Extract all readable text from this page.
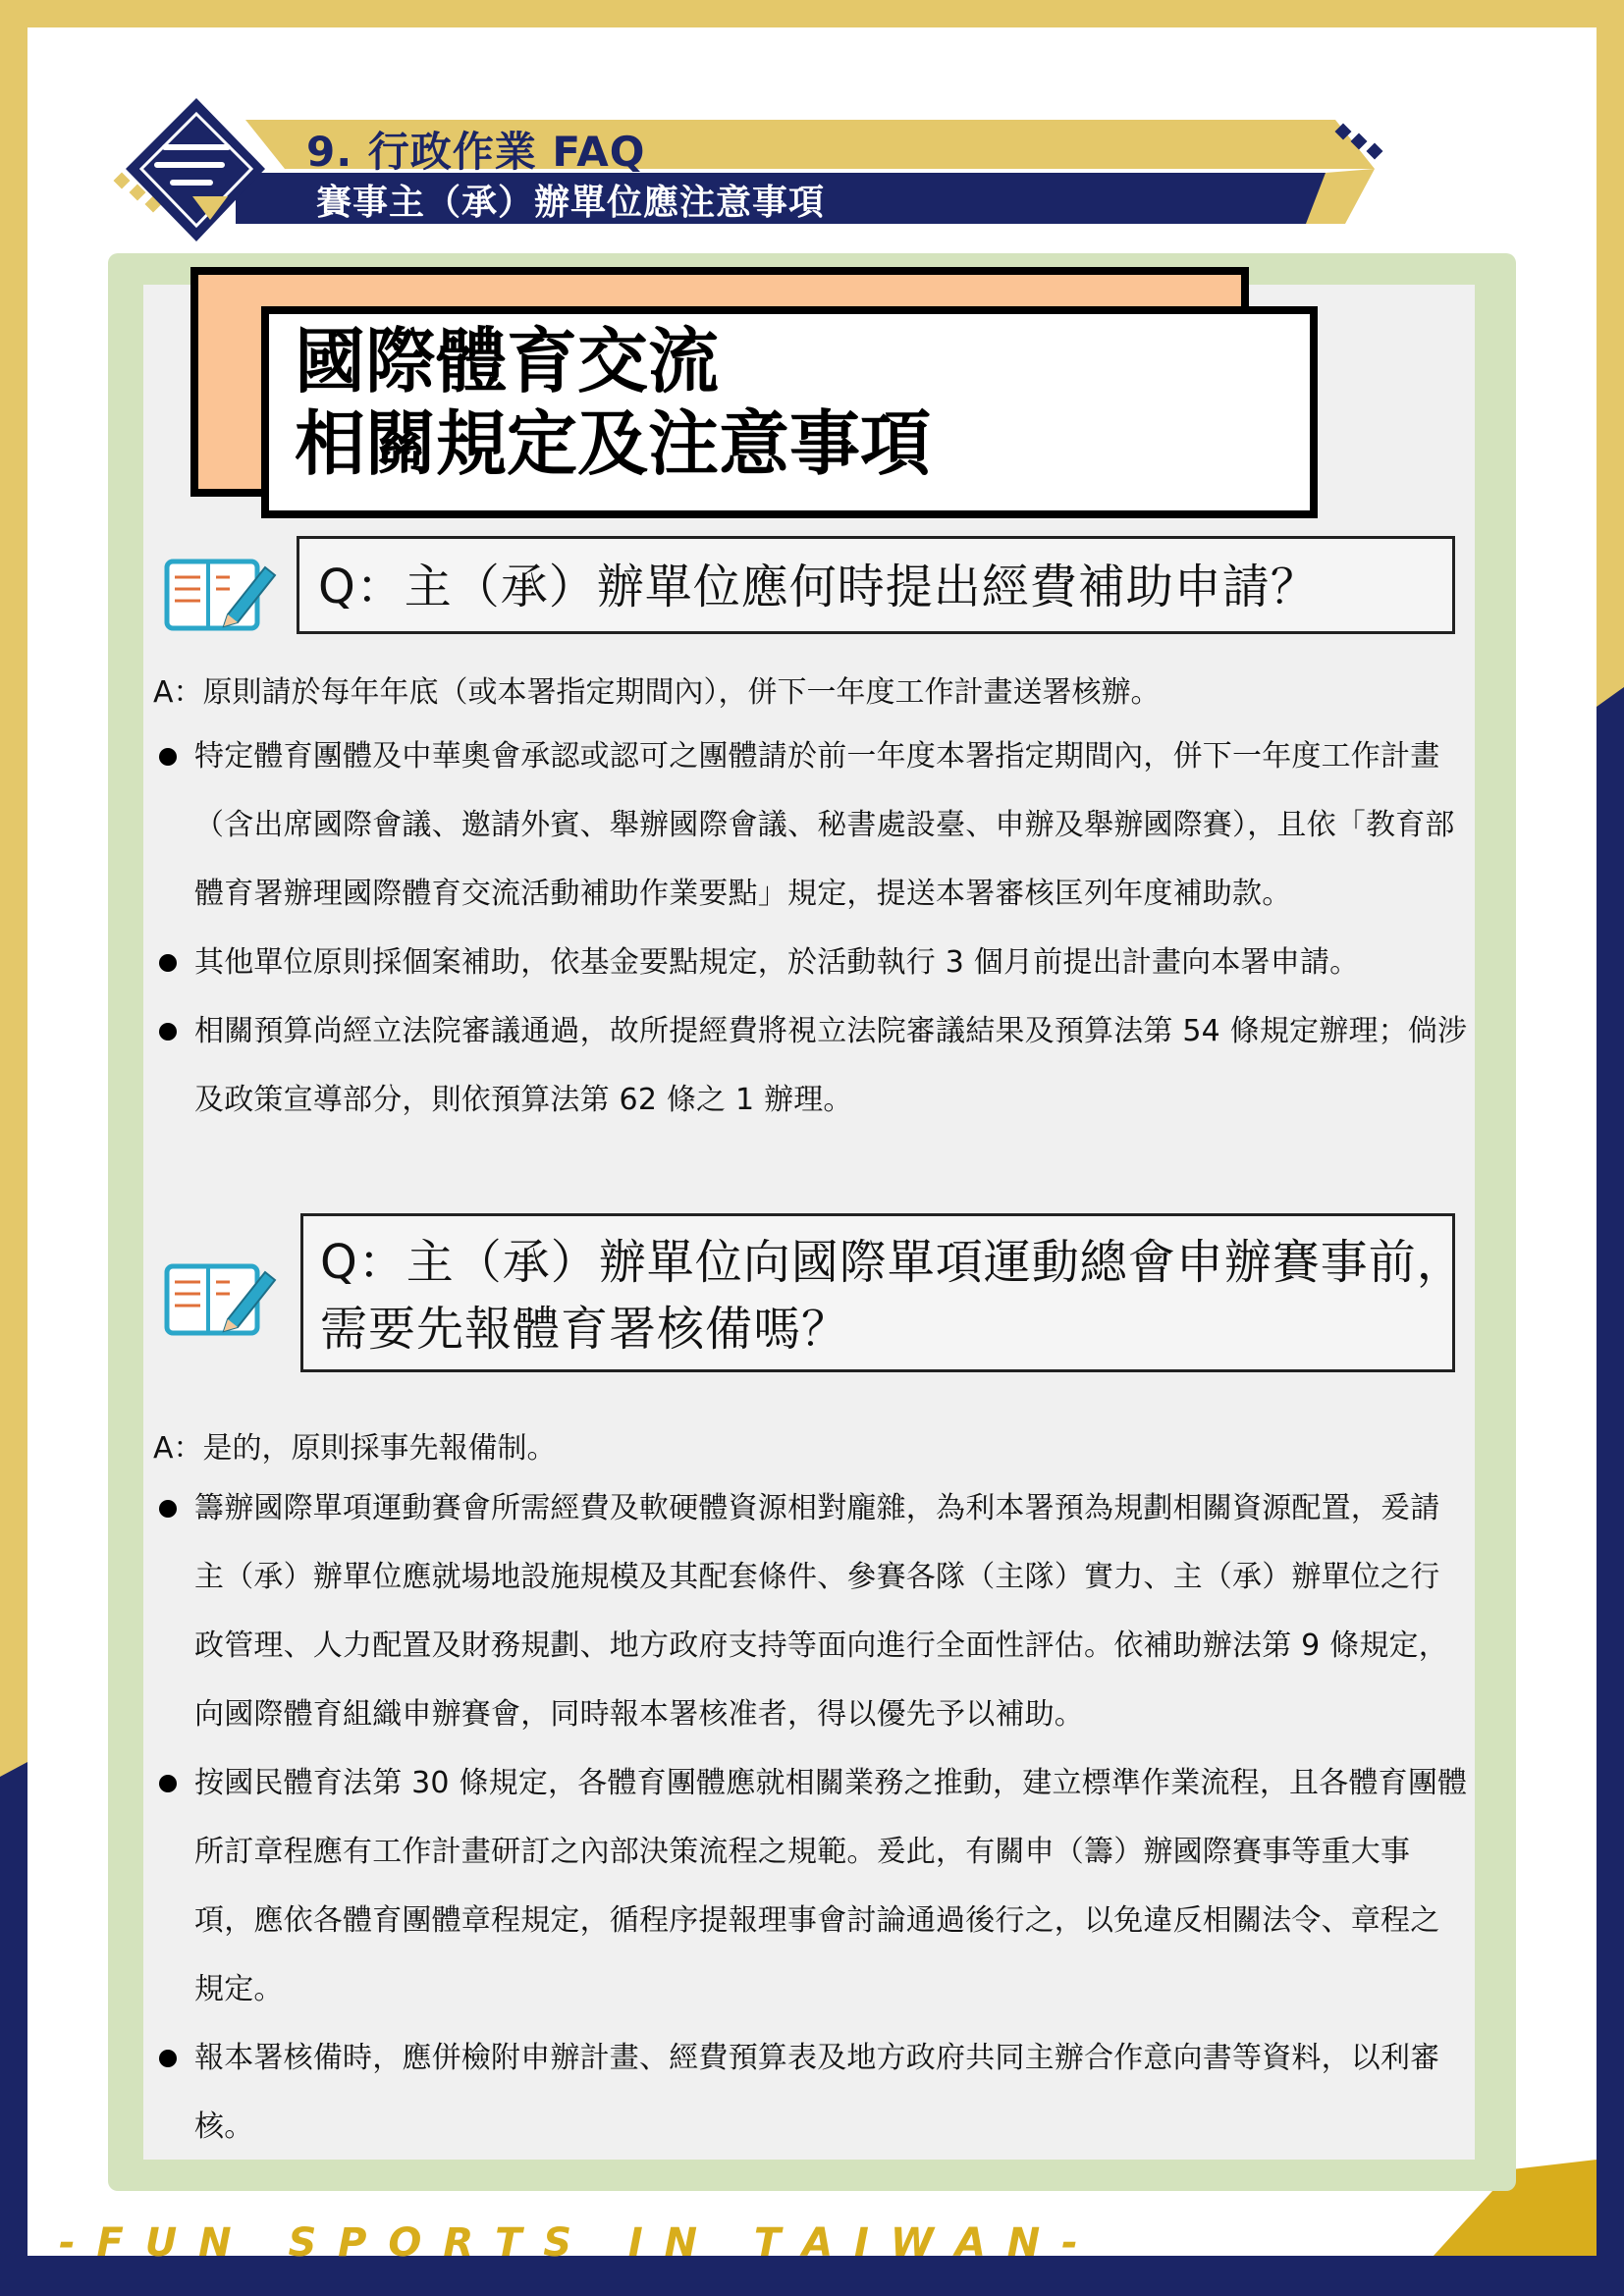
9. 行政作業 FAQ
賽事主（承）辦單位應注意事項
國際體育交流
相關規定及注意事項

Q：主（承）辦單位應何時提出經費補助申請？

A：原則請於每年年底（或本署指定期間內），併下一年度工作計畫送署核辦。

特定體育團體及中華奧會承認或認可之團體請於前一年度本署指定期間內，併下一年度工作計畫（含出席國際會議、邀請外賓、舉辦國際會議、秘書處設臺、申辦及舉辦國際賽），且依「教育部體育署辦理國際體育交流活動補助作業要點」規定，提送本署審核匡列年度補助款。
其他單位原則採個案補助，依基金要點規定，於活動執行 3 個月前提出計畫向本署申請。
相關預算尚經立法院審議通過，故所提經費將視立法院審議結果及預算法第 54 條規定辦理；倘涉及政策宣導部分，則依預算法第 62 條之 1 辦理。

Q：主（承）辦單位向國際單項運動總會申辦賽事前，
需要先報體育署核備嗎？

A：是的，原則採事先報備制。

籌辦國際單項運動賽會所需經費及軟硬體資源相對龐雜，為利本署預為規劃相關資源配置，爰請主（承）辦單位應就場地設施規模及其配套條件、參賽各隊（主隊）實力、主（承）辦單位之行政管理、人力配置及財務規劃、地方政府支持等面向進行全面性評估。依補助辦法第 9 條規定，向國際體育組織申辦賽會，同時報本署核准者，得以優先予以補助。
按國民體育法第 30 條規定，各體育團體應就相關業務之推動，建立標準作業流程，且各體育團體所訂章程應有工作計畫研訂之內部決策流程之規範。爰此，有關申（籌）辦國際賽事等重大事項，應依各體育團體章程規定，循程序提報理事會討論通過後行之，以免違反相關法令、章程之規定。
報本署核備時，應併檢附申辦計畫、經費預算表及地方政府共同主辦合作意向書等資料，以利審核。
- F U N   S P O R T S   I N   T A I W A N -
